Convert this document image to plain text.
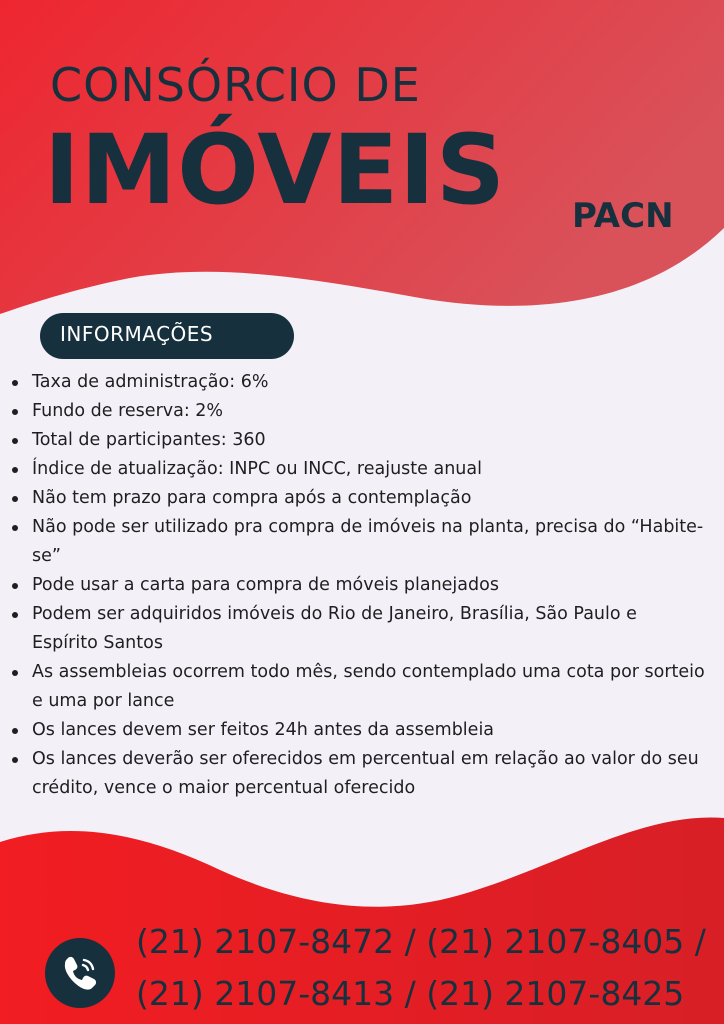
CONSÓRCIO DE
IMÓVEIS PACN
INFORMAÇÕES
Taxa de administração: 6%
Fundo de reserva: 2%
Total de participantes: 360
Índice de atualização: INPC ou INCC, reajuste anual
Não tem prazo para compra após a contemplação
Não pode ser utilizado pra compra de imóveis na planta, precisa do “Habite-se”
Pode usar a carta para compra de móveis planejados
Podem ser adquiridos imóveis do Rio de Janeiro, Brasília, São Paulo e Espírito Santos
As assembleias ocorrem todo mês, sendo contemplado uma cota por sorteio e uma por lance
Os lances devem ser feitos 24h antes da assembleia
Os lances deverão ser oferecidos em percentual em relação ao valor do seu crédito, vence o maior percentual oferecido
(21) 2107-8472 / (21) 2107-8405 /
(21) 2107-8413 / (21) 2107-8425
